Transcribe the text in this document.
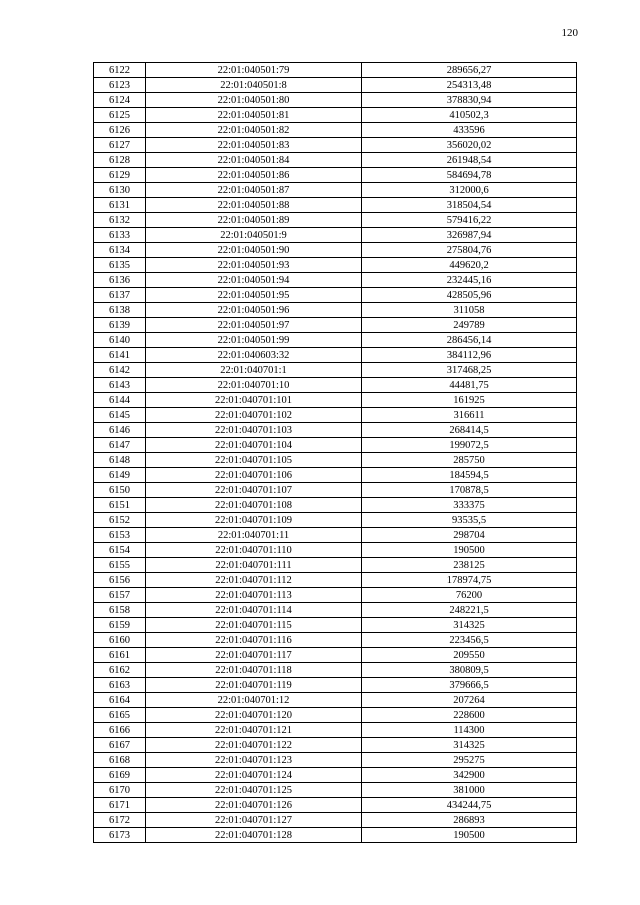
120
6122	22:01:040501:79	289656,27
6123	22:01:040501:8	254313,48
6124	22:01:040501:80	378830,94
6125	22:01:040501:81	410502,3
6126	22:01:040501:82	433596
6127	22:01:040501:83	356020,02
6128	22:01:040501:84	261948,54
6129	22:01:040501:86	584694,78
6130	22:01:040501:87	312000,6
6131	22:01:040501:88	318504,54
6132	22:01:040501:89	579416,22
6133	22:01:040501:9	326987,94
6134	22:01:040501:90	275804,76
6135	22:01:040501:93	449620,2
6136	22:01:040501:94	232445,16
6137	22:01:040501:95	428505,96
6138	22:01:040501:96	311058
6139	22:01:040501:97	249789
6140	22:01:040501:99	286456,14
6141	22:01:040603:32	384112,96
6142	22:01:040701:1	317468,25
6143	22:01:040701:10	44481,75
6144	22:01:040701:101	161925
6145	22:01:040701:102	316611
6146	22:01:040701:103	268414,5
6147	22:01:040701:104	199072,5
6148	22:01:040701:105	285750
6149	22:01:040701:106	184594,5
6150	22:01:040701:107	170878,5
6151	22:01:040701:108	333375
6152	22:01:040701:109	93535,5
6153	22:01:040701:11	298704
6154	22:01:040701:110	190500
6155	22:01:040701:111	238125
6156	22:01:040701:112	178974,75
6157	22:01:040701:113	76200
6158	22:01:040701:114	248221,5
6159	22:01:040701:115	314325
6160	22:01:040701:116	223456,5
6161	22:01:040701:117	209550
6162	22:01:040701:118	380809,5
6163	22:01:040701:119	379666,5
6164	22:01:040701:12	207264
6165	22:01:040701:120	228600
6166	22:01:040701:121	114300
6167	22:01:040701:122	314325
6168	22:01:040701:123	295275
6169	22:01:040701:124	342900
6170	22:01:040701:125	381000
6171	22:01:040701:126	434244,75
6172	22:01:040701:127	286893
6173	22:01:040701:128	190500
